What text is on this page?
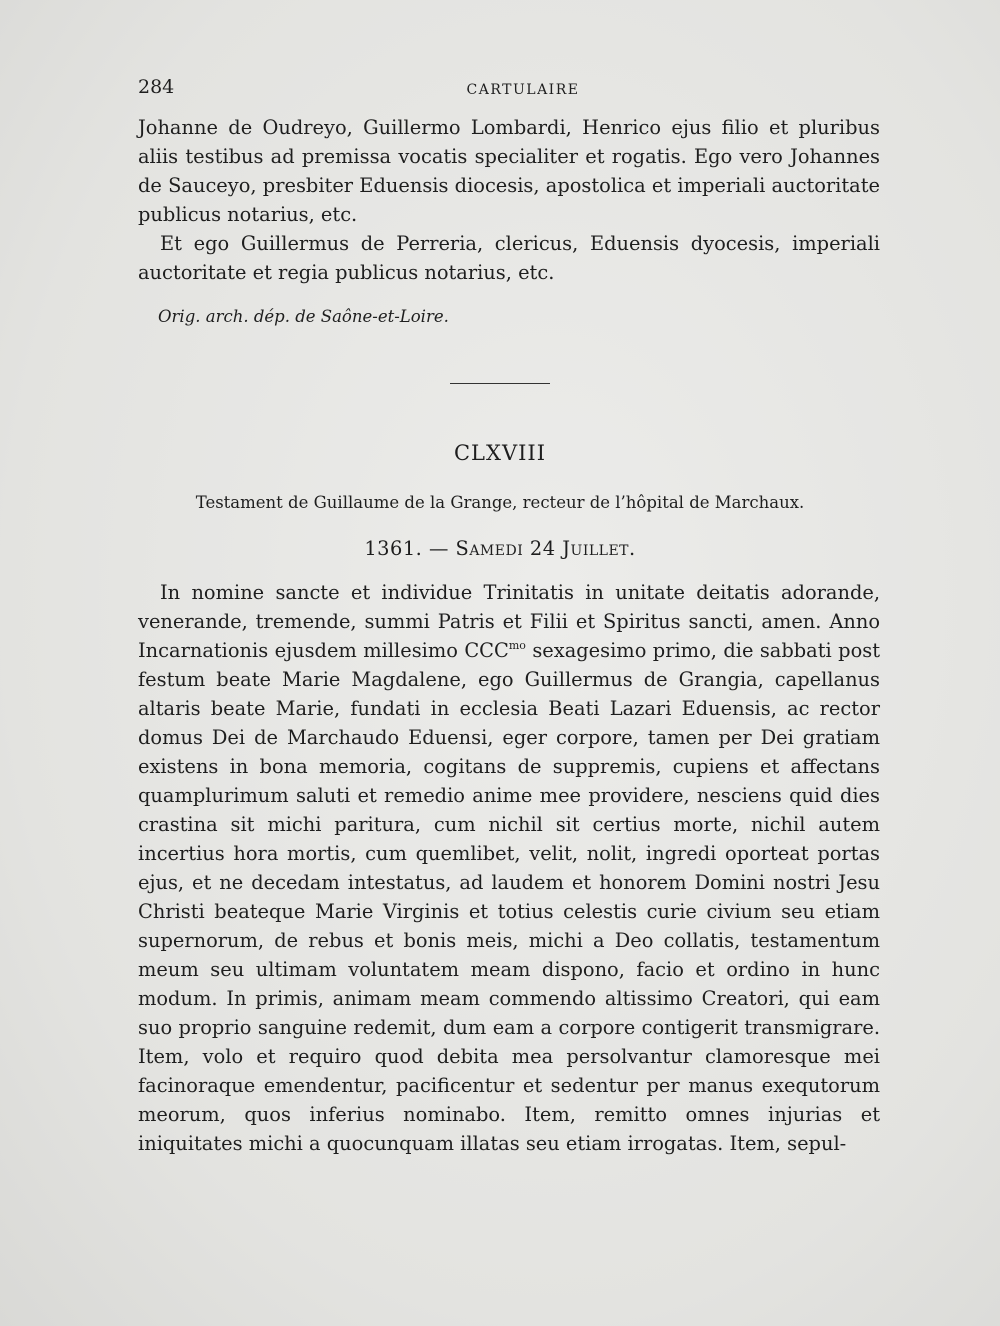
284	CARTULAIRE

Johanne de Oudreyo, Guillermo Lombardi, Henrico ejus filio et pluribus aliis testibus ad premissa vocatis specialiter et rogatis. Ego vero Johannes de Sauceyo, presbiter Eduensis diocesis, apostolica et imperiali auctoritate publicus notarius, etc.

Et ego Guillermus de Perreria, clericus, Eduensis dyocesis, imperiali auctoritate et regia publicus notarius, etc.

Orig. arch. dép. de Saône-et-Loire.
CLXVIII
Testament de Guillaume de la Grange, recteur de l’hôpital de Marchaux.
1361. — Samedi 24 Juillet.

In nomine sancte et individue Trinitatis in unitate deitatis adorande, venerande, tremende, summi Patris et Filii et Spiritus sancti, amen. Anno Incarnationis ejusdem millesimo $CCC^{mo}$ sexagesimo primo, die sabbati post festum beate Marie Magdalene, ego Guillermus de Grangia, capellanus altaris beate Marie, fundati in ecclesia Beati Lazari Eduensis, ac rector domus Dei de Marchaudo Eduensi, eger corpore, tamen per Dei gratiam existens in bona memoria, cogitans de suppremis, cupiens et affectans quamplurimum saluti et remedio anime mee providere, nesciens quid dies crastina sit michi paritura, cum nichil sit certius morte, nichil autem incertius hora mortis, cum quemlibet, velit, nolit, ingredi oporteat portas ejus, et ne decedam intestatus, ad laudem et honorem Domini nostri Jesu Christi beateque Marie Virginis et totius celestis curie civium seu etiam supernorum, de rebus et bonis meis, michi a Deo collatis, testamentum meum seu ultimam voluntatem meam dispono, facio et ordino in hunc modum. In primis, animam meam commendo altissimo Creatori, qui eam suo proprio sanguine redemit, dum eam a corpore contigerit transmigrare. Item, volo et requiro quod debita mea persolvantur clamoresque mei facinoraque emendentur, pacificentur et sedentur per manus exequtorum meorum, quos inferius nominabo. Item, remitto omnes injurias et iniquitates michi a quocunquam illatas seu etiam irrogatas. Item, sepul-
